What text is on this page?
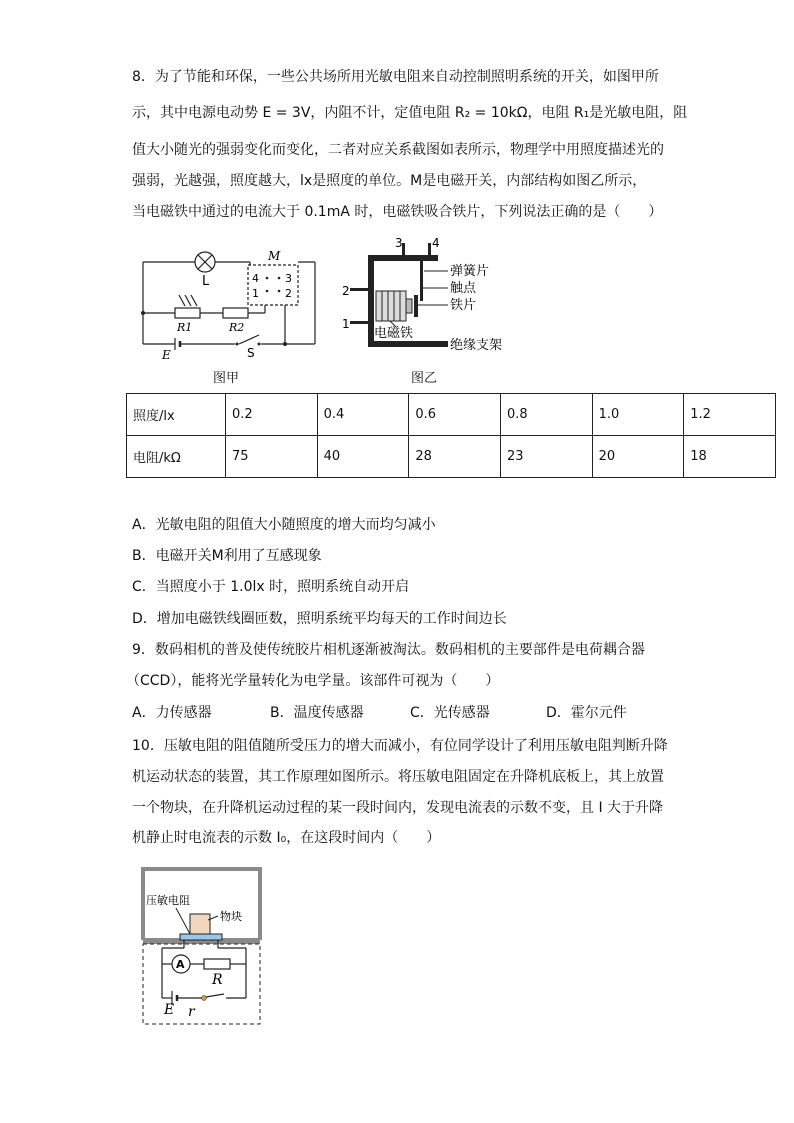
8．为了节能和环保，一些公共场所用光敏电阻来自动控制照明系统的开关，如图甲所
示，其中电源电动势 E = 3V，内阻不计，定值电阻 R₂ = 10kΩ，电阻 R₁是光敏电阻，阻
值大小随光的强弱变化而变化，二者对应关系截图如表所示，物理学中用照度描述光的
强弱，光越强，照度越大，lx是照度的单位。M是电磁开关，内部结构如图乙所示，
当电磁铁中通过的电流大于 0.1mA 时，电磁铁吸合铁片，下列说法正确的是（　　）
L
M
4 3
1 2
R1	R2
E	S
图甲
3 4
2
1
弹簧片
触点
铁片
电磁铁
绝缘支架
图乙
照度/lx	0.2	0.4	0.6	0.8	1.0	1.2
电阻/kΩ	75	40	28	23	20	18
A．光敏电阻的阻值大小随照度的增大而均匀减小
B．电磁开关M利用了互感现象
C．当照度小于 1.0lx 时，照明系统自动开启
D．增加电磁铁线圈匝数，照明系统平均每天的工作时间边长
9．数码相机的普及使传统胶片相机逐渐被淘汰。数码相机的主要部件是电荷耦合器
（CCD），能将光学量转化为电学量。该部件可视为（　　）
A．力传感器	B．温度传感器	C．光传感器	D．霍尔元件
10．压敏电阻的阻值随所受压力的增大而减小，有位同学设计了利用压敏电阻判断升降
机运动状态的装置，其工作原理如图所示。将压敏电阻固定在升降机底板上，其上放置
一个物块，在升降机运动过程的某一段时间内，发现电流表的示数不变，且 I 大于升降
机静止时电流表的示数 I₀，在这段时间内（　　）
压敏电阻
物块
A
R
E r
